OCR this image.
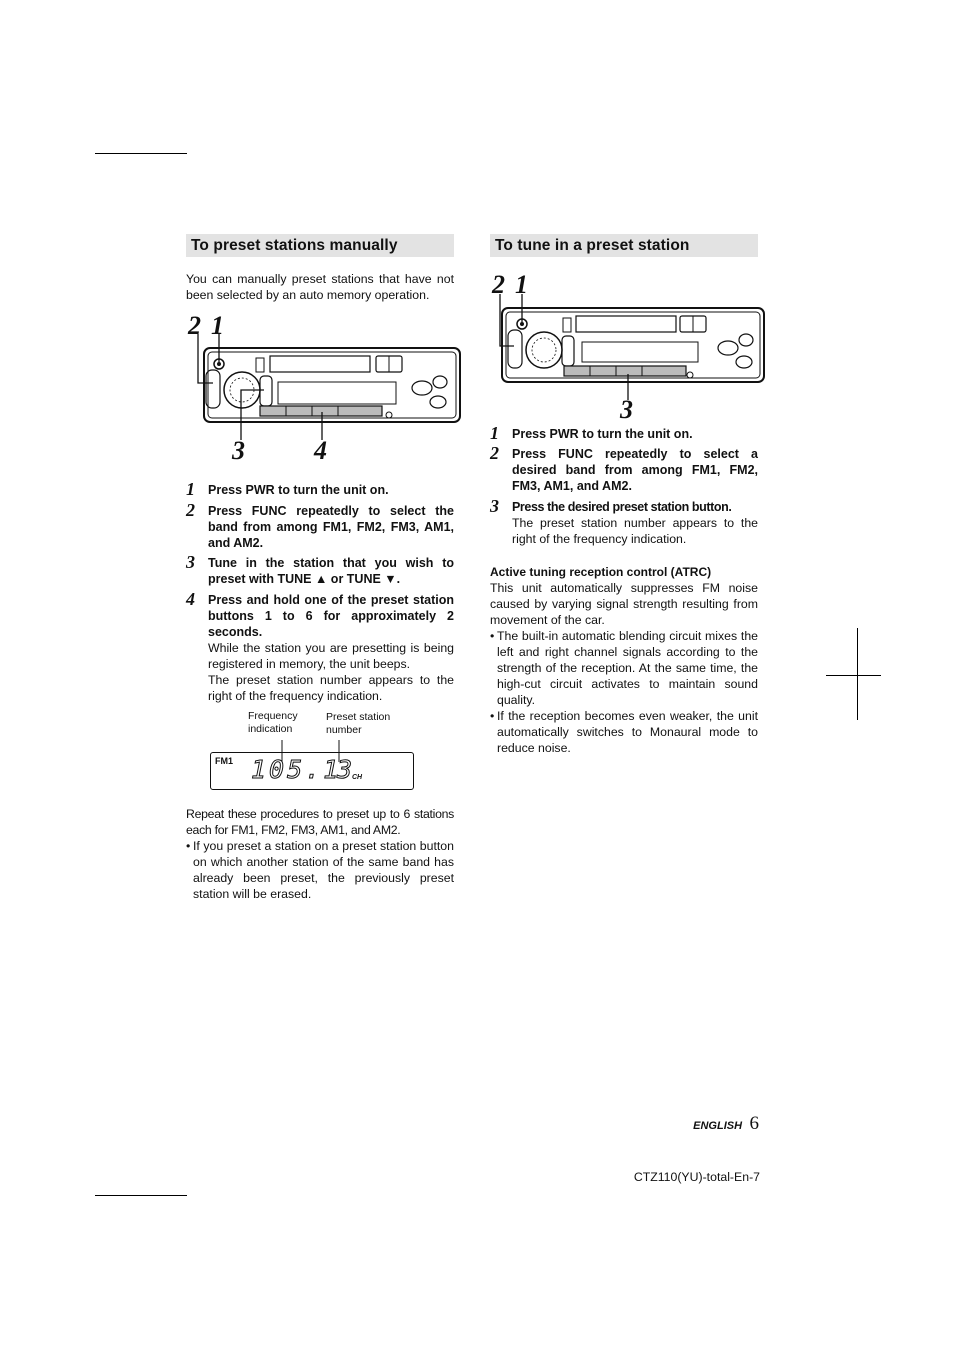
To preset stations manually

You can manually preset stations that have not been selected by an auto memory operation.

2 1
3	4
1 Press PWR to turn the unit on.
2 Press FUNC repeatedly to select the band from among FM1, FM2, FM3, AM1, and AM2.
3 Tune in the station that you wish to preset with TUNE ▲ or TUNE ▼.
4 Press and hold one of the preset station buttons 1 to 6 for approximately 2 seconds.
While the station you are presetting is being registered in memory, the unit beeps.
The preset station number appears to the right of the frequency indication.
Frequency indication
Preset station number
FM1 105.1
3 CH

Repeat these procedures to preset up to 6 stations each for FM1, FM2, FM3, AM1, and AM2.

• If you preset a station on a preset station button on which another station of the same band has already been preset, the previously preset station will be erased.
To tune in a preset station
2 1
3
1 Press PWR to turn the unit on.
2 Press FUNC repeatedly to select a desired band from among FM1, FM2, FM3, AM1, and AM2.
3 Press the desired preset station button.
The preset station number appears to the right of the frequency indication.
Active tuning reception control (ATRC)

This unit automatically suppresses FM noise caused by varying signal strength resulting from movement of the car.

• The built-in automatic blending circuit mixes the left and right channel signals according to the strength of the reception. At the same time, the high-cut circuit activates to maintain sound quality.
• If the reception becomes even weaker, the unit automatically switches to Monaural mode to reduce noise.
ENGLISH 6
CTZ110(YU)-total-En-7
